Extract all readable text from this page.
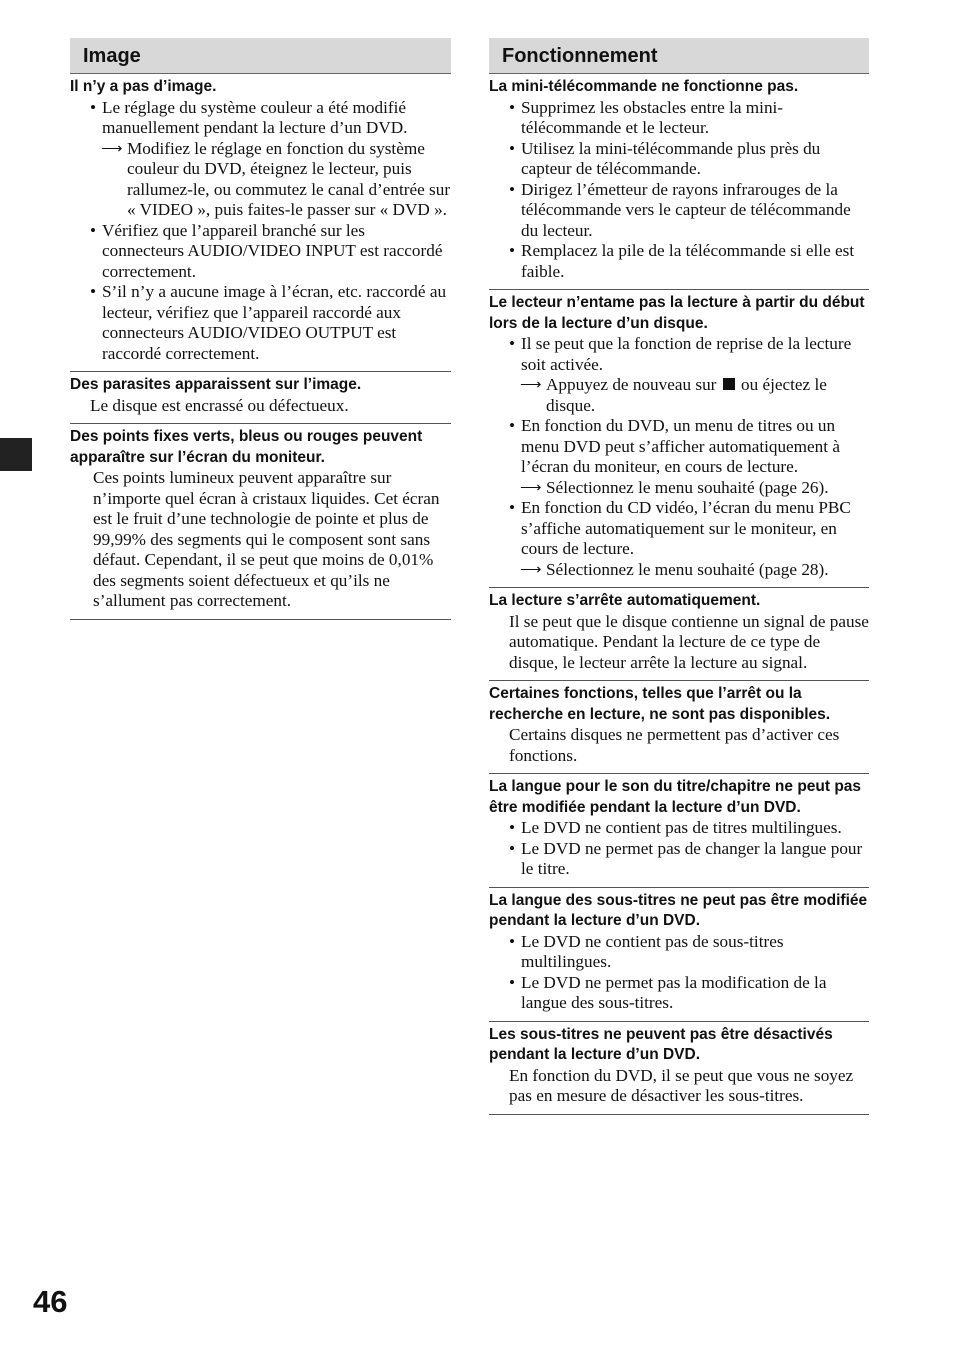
Image
Il n’y a pas d’image.
• Le réglage du système couleur a été modifié manuellement pendant la lecture d’un DVD.
⟶ Modifiez le réglage en fonction du système couleur du DVD, éteignez le lecteur, puis rallumez-le, ou commutez le canal d’entrée sur « VIDEO », puis faites-le passer sur « DVD ».
• Vérifiez que l’appareil branché sur les connecteurs AUDIO/VIDEO INPUT est raccordé correctement.
• S’il n’y a aucune image à l’écran, etc. raccordé au lecteur, vérifiez que l’appareil raccordé aux connecteurs AUDIO/VIDEO OUTPUT est raccordé correctement.
Des parasites apparaissent sur l’image.
Le disque est encrassé ou défectueux.
Des points fixes verts, bleus ou rouges peuvent apparaître sur l’écran du moniteur.
Ces points lumineux peuvent apparaître sur n’importe quel écran à cristaux liquides. Cet écran est le fruit d’une technologie de pointe et plus de 99,99% des segments qui le composent sont sans défaut. Cependant, il se peut que moins de 0,01% des segments soient défectueux et qu’ils ne s’allument pas correctement.
Fonctionnement
La mini-télécommande ne fonctionne pas.
• Supprimez les obstacles entre la mini-télécommande et le lecteur.
• Utilisez la mini-télécommande plus près du capteur de télécommande.
• Dirigez l’émetteur de rayons infrarouges de la télécommande vers le capteur de télécommande du lecteur.
• Remplacez la pile de la télécommande si elle est faible.
Le lecteur n’entame pas la lecture à partir du début lors de la lecture d’un disque.
• Il se peut que la fonction de reprise de la lecture soit activée.
⟶ Appuyez de nouveau sur ou éjectez le disque.
• En fonction du DVD, un menu de titres ou un menu DVD peut s’afficher automatiquement à l’écran du moniteur, en cours de lecture.
⟶ Sélectionnez le menu souhaité (page 26).
• En fonction du CD vidéo, l’écran du menu PBC s’affiche automatiquement sur le moniteur, en cours de lecture.
⟶ Sélectionnez le menu souhaité (page 28).
La lecture s’arrête automatiquement.
Il se peut que le disque contienne un signal de pause automatique. Pendant la lecture de ce type de disque, le lecteur arrête la lecture au signal.
Certaines fonctions, telles que l’arrêt ou la recherche en lecture, ne sont pas disponibles.
Certains disques ne permettent pas d’activer ces fonctions.
La langue pour le son du titre/chapitre ne peut pas être modifiée pendant la lecture d’un DVD.
• Le DVD ne contient pas de titres multilingues.
• Le DVD ne permet pas de changer la langue pour le titre.
La langue des sous-titres ne peut pas être modifiée pendant la lecture d’un DVD.
• Le DVD ne contient pas de sous-titres multilingues.
• Le DVD ne permet pas la modification de la langue des sous-titres.
Les sous-titres ne peuvent pas être désactivés pendant la lecture d’un DVD.
En fonction du DVD, il se peut que vous ne soyez pas en mesure de désactiver les sous-titres.
46
